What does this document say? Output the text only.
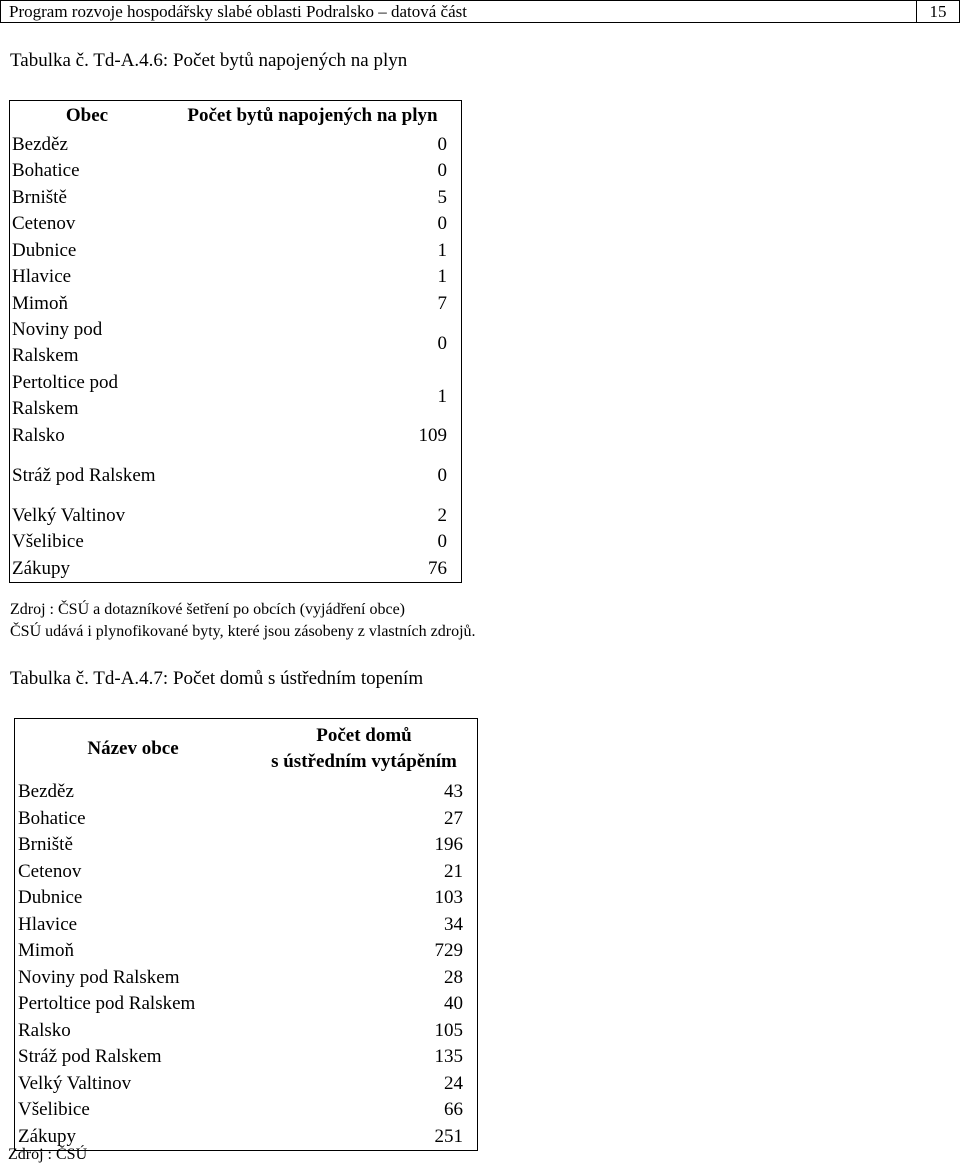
Program rozvoje hospodářsky slabé oblasti Podralsko – datová část	15
Tabulka č. Td-A.4.6: Počet bytů napojených na plyn
Obec	Počet bytů napojených na plyn
Bezděz	0
Bohatice	0
Brniště	5
Cetenov	0
Dubnice	1
Hlavice	1
Mimoň	7
Noviny pod Ralskem	0
Pertoltice pod Ralskem	1
Ralsko	109
Stráž pod Ralskem	0
Velký Valtinov	2
Všelibice	0
Zákupy	76
Zdroj : ČSÚ a dotazníkové šetření po obcích (vyjádření obce)
ČSÚ udává i plynofikované byty, které jsou zásobeny z vlastních zdrojů.
Tabulka č. Td-A.4.7: Počet domů s ústředním topením
Název obce	Počet domů
s ústředním vytápěním

Bezděz	43
Bohatice	27
Brniště	196
Cetenov	21
Dubnice	103
Hlavice	34
Mimoň	729
Noviny pod Ralskem	28
Pertoltice pod Ralskem	40
Ralsko	105
Stráž pod Ralskem	135
Velký Valtinov	24
Všelibice	66
Zákupy	251
Zdroj : ČSÚ
